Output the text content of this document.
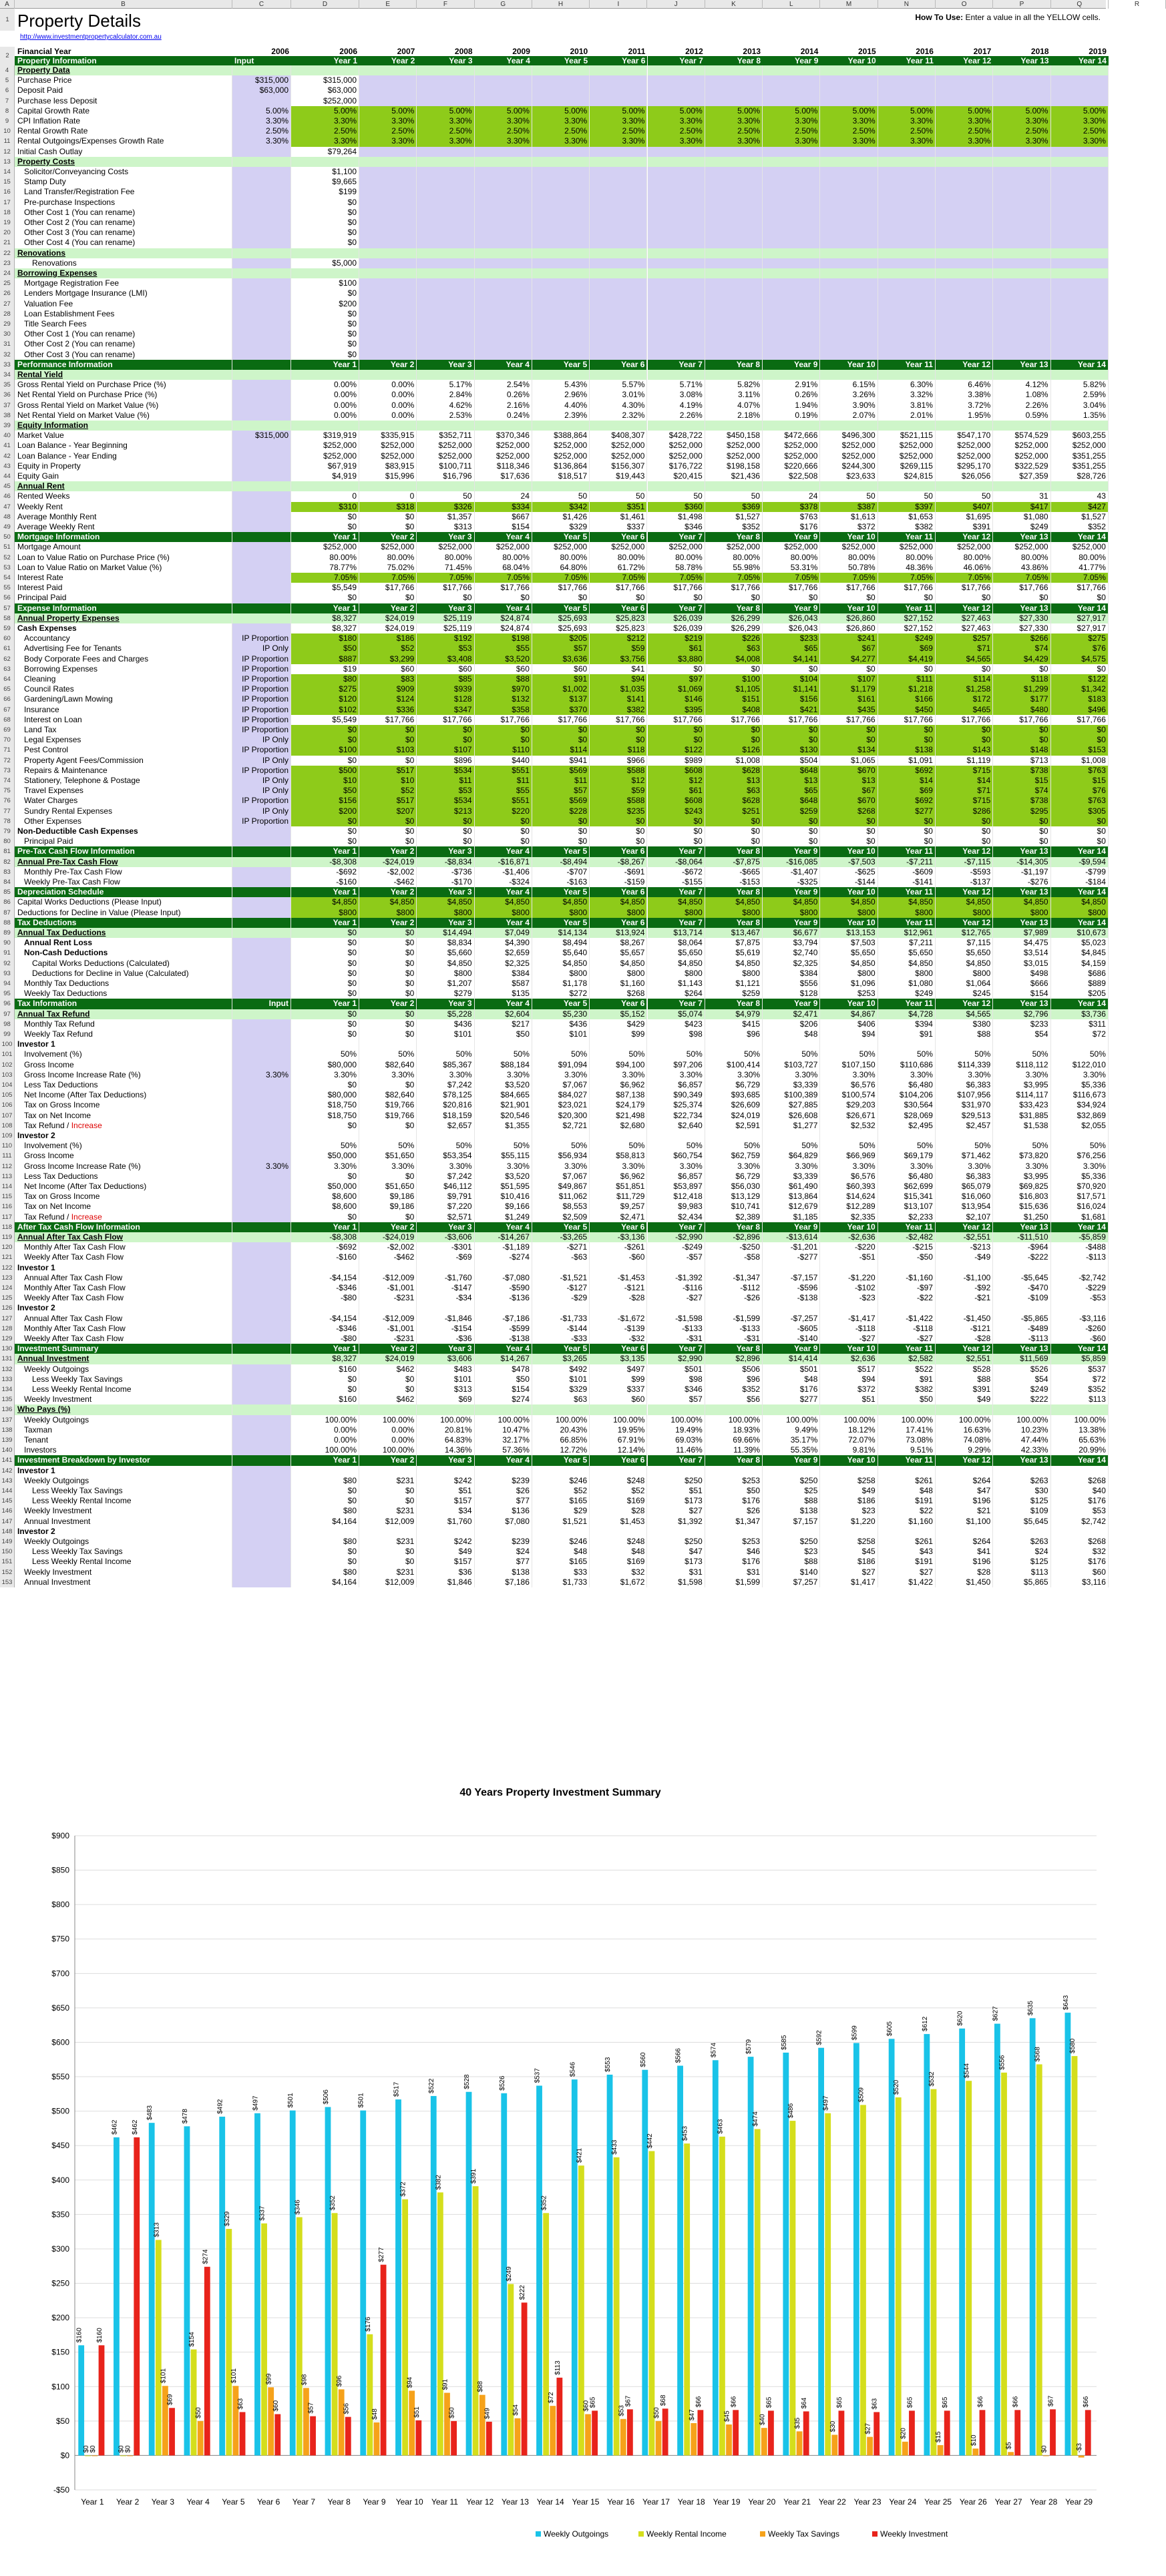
1 Property Details
http://www.investmentpropertycalculator.com.au
How To Use: Enter a value in all the YELLOW cells.
A	B	C	D	E	F	G	H	I	J	K	L	M	N	O	P	Q	R
4	Property Data
5	Purchase Price	$315,000	$315,000
6	Deposit Paid	$63,000	$63,000
7	Purchase less Deposit	$252,000
8	Capital Growth Rate	5.00%	5.00%	5.00%	5.00%	5.00%	5.00%	5.00%	5.00%	5.00%	5.00%	5.00%	5.00%	5.00%	5.00%	5.00%
9	CPI Inflation Rate	3.30%	3.30%	3.30%	3.30%	3.30%	3.30%	3.30%	3.30%	3.30%	3.30%	3.30%	3.30%	3.30%	3.30%	3.30%
10 Rental Growth Rate	2.50%	2.50%	2.50%	2.50%	2.50%	2.50%	2.50%	2.50%	2.50%	2.50%	2.50%	2.50%	2.50%	2.50%	2.50%
11 Rental Outgoings/Expenses Growth Rate	3.30%	3.30%	3.30%	3.30%	3.30%	3.30%	3.30%	3.30%	3.30%	3.30%	3.30%	3.30%	3.30%	3.30%	3.30%
12 Initial Cash Outlay	$79,264
13 Property Costs
14	Solicitor/Conveyancing Costs	$1,100
15	Stamp Duty	$9,665
16	Land Transfer/Registration Fee	$199
17	Pre-purchase Inspections	$0
18	Other Cost 1 (You can rename)	$0
19	Other Cost 2 (You can rename)	$0
20	Other Cost 3 (You can rename)	$0
21	Other Cost 4 (You can rename)	$0
22 Renovations
23	Renovations	$5,000
24 Borrowing Expenses
25	Mortgage Registration Fee	$100
26	Lenders Mortgage Insurance (LMI)	$0
27	Valuation Fee	$200
28	Loan Establishment Fees	$0
29	Title Search Fees	$0
30	Other Cost 1 (You can rename)	$0
31	Other Cost 2 (You can rename)	$0
32	Other Cost 3 (You can rename)	$0
33 Performance Information	Year 1	Year 2	Year 3	Year 4	Year 5	Year 6	Year 7	Year 8	Year 9	Year 10	Year 11	Year 12	Year 13	Year 14
34 Rental Yield
35 Gross Rental Yield on Purchase Price (%)	0.00%	0.00%	5.17%	2.54%	5.43%	5.57%	5.71%	5.82%	2.91%	6.15%	6.30%	6.46%	4.12%	5.82%
36 Net Rental Yield on Purchase Price (%)	0.00%	0.00%	2.84%	0.26%	2.96%	3.01%	3.08%	3.11%	0.26%	3.26%	3.32%	3.38%	1.08%	2.59%
37 Gross Rental Yield on Market Value (%)	0.00%	0.00%	4.62%	2.16%	4.40%	4.30%	4.19%	4.07%	1.94%	3.90%	3.81%	3.72%	2.26%	3.04%
38 Net Rental Yield on Market Value (%)	0.00%	0.00%	2.53%	0.24%	2.39%	2.32%	2.26%	2.18%	0.19%	2.07%	2.01%	1.95%	0.59%	1.35%
39 Equity Information
40 Market Value	$315,000	$319,919	$335,915	$352,711	$370,346	$388,864	$408,307	$428,722	$450,158	$472,666	$496,300	$521,115	$547,170	$574,529	$603,255
41 Loan Balance - Year Beginning	$252,000	$252,000	$252,000	$252,000	$252,000	$252,000	$252,000	$252,000	$252,000	$252,000	$252,000	$252,000	$252,000	$252,000
42 Loan Balance - Year Ending	$252,000	$252,000	$252,000	$252,000	$252,000	$252,000	$252,000	$252,000	$252,000	$252,000	$252,000	$252,000	$252,000	$351,255
43 Equity in Property	$67,919	$83,915	$100,711	$118,346	$136,864	$156,307	$176,722	$198,158	$220,666	$244,300	$269,115	$295,170	$322,529	$351,255
44 Equity Gain	$4,919	$15,996	$16,796	$17,636	$18,517	$19,443	$20,415	$21,436	$22,508	$23,633	$24,815	$26,056	$27,359	$28,726
45 Annual Rent
46 Rented Weeks	0	0	50	24	50	50	50	50	24	50	50	50	31	43
47 Weekly Rent	$310	$318	$326	$334	$342	$351	$360	$369	$378	$387	$397	$407	$417	$427
48 Average Monthly Rent	$0	$0	$1,357	$667	$1,426	$1,461	$1,498	$1,527	$763	$1,613	$1,653	$1,695	$1,080	$1,527
49 Average Weekly Rent	$0	$0	$313	$154	$329	$337	$346	$352	$176	$372	$382	$391	$249	$352
50 Mortgage Information	Year 1	Year 2	Year 3	Year 4	Year 5	Year 6	Year 7	Year 8	Year 9	Year 10	Year 11	Year 12	Year 13	Year 14
51 Mortgage Amount	$252,000	$252,000	$252,000	$252,000	$252,000	$252,000	$252,000	$252,000	$252,000	$252,000	$252,000	$252,000	$252,000	$252,000
52 Loan to Value Ratio on Purchase Price (%)	80.00%	80.00%	80.00%	80.00%	80.00%	80.00%	80.00%	80.00%	80.00%	80.00%	80.00%	80.00%	80.00%	80.00%
53 Loan to Value Ratio on Market Value (%)	78.77%	75.02%	71.45%	68.04%	64.80%	61.72%	58.78%	55.98%	53.31%	50.78%	48.36%	46.06%	43.86%	41.77%
54 Interest Rate	7.05%	7.05%	7.05%	7.05%	7.05%	7.05%	7.05%	7.05%	7.05%	7.05%	7.05%	7.05%	7.05%	7.05%
55 Interest Paid	$5,549	$17,766	$17,766	$17,766	$17,766	$17,766	$17,766	$17,766	$17,766	$17,766	$17,766	$17,766	$17,766	$17,766
56 Principal Paid	$0	$0	$0	$0	$0	$0	$0	$0	$0	$0	$0	$0	$0	$0
57 Expense Information	Year 1	Year 2	Year 3	Year 4	Year 5	Year 6	Year 7	Year 8	Year 9	Year 10	Year 11	Year 12	Year 13	Year 14
58 Annual Property Expenses	$8,327	$24,019	$25,119	$24,874	$25,693	$25,823	$26,039	$26,299	$26,043	$26,860	$27,152	$27,463	$27,330	$27,917
59 Cash Expenses	$8,327	$24,019	$25,119	$24,874	$25,693	$25,823	$26,039	$26,299	$26,043	$26,860	$27,152	$27,463	$27,330	$27,917
60	Accountancy	IP Proportion	$180	$186	$192	$198	$205	$212	$219	$226	$233	$241	$249	$257	$266	$275
61	Advertising Fee for Tenants	IP Only	$50	$52	$53	$55	$57	$59	$61	$63	$65	$67	$69	$71	$74	$76
62	Body Corporate Fees and Charges	IP Proportion	$887	$3,299	$3,408	$3,520	$3,636	$3,756	$3,880	$4,008	$4,141	$4,277	$4,419	$4,565	$4,429	$4,575
63	Borrowing Expenses	IP Proportion	$19	$60	$60	$60	$60	$41	$0	$0	$0	$0	$0	$0	$0	$0
64	Cleaning	IP Proportion	$80	$83	$85	$88	$91	$94	$97	$100	$104	$107	$111	$114	$118	$122
65	Council Rates	IP Proportion	$275	$909	$939	$970	$1,002	$1,035	$1,069	$1,105	$1,141	$1,179	$1,218	$1,258	$1,299	$1,342
66	Gardening/Lawn Mowing	IP Proportion	$120	$124	$128	$132	$137	$141	$146	$151	$156	$161	$166	$172	$177	$183
67	Insurance	IP Proportion	$102	$336	$347	$358	$370	$382	$395	$408	$421	$435	$450	$465	$480	$496
68	Interest on Loan	IP Proportion	$5,549	$17,766	$17,766	$17,766	$17,766	$17,766	$17,766	$17,766	$17,766	$17,766	$17,766	$17,766	$17,766	$17,766
69	Land Tax	IP Proportion	$0	$0	$0	$0	$0	$0	$0	$0	$0	$0	$0	$0	$0	$0
70	Legal Expenses	IP Only	$0	$0	$0	$0	$0	$0	$0	$0	$0	$0	$0	$0	$0	$0
71	Pest Control	IP Proportion	$100	$103	$107	$110	$114	$118	$122	$126	$130	$134	$138	$143	$148	$153
72	Property Agent Fees/Commission	IP Only	$0	$0	$896	$440	$941	$966	$989	$1,008	$504	$1,065	$1,091	$1,119	$713	$1,008
73	Repairs & Maintenance	IP Proportion	$500	$517	$534	$551	$569	$588	$608	$628	$648	$670	$692	$715	$738	$763
74	Stationery, Telephone & Postage	IP Only	$10	$10	$11	$11	$11	$12	$12	$13	$13	$13	$14	$14	$15	$15
75	Travel Expenses	IP Only	$50	$52	$53	$55	$57	$59	$61	$63	$65	$67	$69	$71	$74	$76
76	Water Charges	IP Proportion	$156	$517	$534	$551	$569	$588	$608	$628	$648	$670	$692	$715	$738	$763
77	Sundry Rental Expenses	IP Only	$200	$207	$213	$220	$228	$235	$243	$251	$259	$268	$277	$286	$295	$305
78	Other Expenses	IP Proportion	$0	$0	$0	$0	$0	$0	$0	$0	$0	$0	$0	$0	$0	$0
79 Non-Deductible Cash Expenses	$0	$0	$0	$0	$0	$0	$0	$0	$0	$0	$0	$0	$0	$0
80	Principal Paid	$0	$0	$0	$0	$0	$0	$0	$0	$0	$0	$0	$0	$0	$0
81 Pre-Tax Cash Flow Information	Year 1	Year 2	Year 3	Year 4	Year 5	Year 6	Year 7	Year 8	Year 9	Year 10	Year 11	Year 12	Year 13	Year 14
82 Annual Pre-Tax Cash Flow	-$8,308	-$24,019	-$8,834	-$16,871	-$8,494	-$8,267	-$8,064	-$7,875	-$16,085	-$7,503	-$7,211	-$7,115	-$14,305	-$9,594
83	Monthly Pre-Tax Cash Flow	-$692	-$2,002	-$736	-$1,406	-$707	-$691	-$672	-$665	-$1,407	-$625	-$609	-$593	-$1,197	-$799
84	Weekly Pre-Tax Cash Flow	-$160	-$462	-$170	-$324	-$163	-$159	-$155	-$153	-$325	-$144	-$141	-$137	-$276	-$184
85 Depreciation Schedule	Year 1	Year 2	Year 3	Year 4	Year 5	Year 6	Year 7	Year 8	Year 9	Year 10	Year 11	Year 12	Year 13	Year 14
86 Capital Works Deductions (Please Input)	$4,850	$4,850	$4,850	$4,850	$4,850	$4,850	$4,850	$4,850	$4,850	$4,850	$4,850	$4,850	$4,850	$4,850
87 Deductions for Decline in Value (Please Input)	$800	$800	$800	$800	$800	$800	$800	$800	$800	$800	$800	$800	$800	$800
88 Tax Deductions	Year 1	Year 2	Year 3	Year 4	Year 5	Year 6	Year 7	Year 8	Year 9	Year 10	Year 11	Year 12	Year 13	Year 14
89 Annual Tax Deductions	$0	$0	$14,494	$7,049	$14,134	$13,924	$13,714	$13,467	$6,677	$13,153	$12,961	$12,765	$7,989	$10,673
90	Annual Rent Loss	$0	$0	$8,834	$4,390	$8,494	$8,267	$8,064	$7,875	$3,794	$7,503	$7,211	$7,115	$4,475	$5,023
91	Non-Cash Deductions	$0	$0	$5,660	$2,659	$5,640	$5,657	$5,650	$5,619	$2,740	$5,650	$5,650	$5,650	$3,514	$4,845
92	Capital Works Deductions (Calculated)	$0	$0	$4,850	$2,325	$4,850	$4,850	$4,850	$4,850	$2,325	$4,850	$4,850	$4,850	$3,015	$4,159
93	Deductions for Decline in Value (Calculated)	$0	$0	$800	$384	$800	$800	$800	$800	$384	$800	$800	$800	$498	$686
94	Monthly Tax Deductions	$0	$0	$1,207	$587	$1,178	$1,160	$1,143	$1,121	$556	$1,096	$1,080	$1,064	$666	$889
95	Weekly Tax Deductions	$0	$0	$279	$135	$272	$268	$264	$259	$128	$253	$249	$245	$154	$205
96 Tax Information	Input	Year 1	Year 2	Year 3	Year 4	Year 5	Year 6	Year 7	Year 8	Year 9	Year 10	Year 11	Year 12	Year 13	Year 14
97 Annual Tax Refund	$0	$0	$5,228	$2,604	$5,230	$5,152	$5,074	$4,979	$2,471	$4,867	$4,728	$4,565	$2,796	$3,736
98	Monthly Tax Refund	$0	$0	$436	$217	$436	$429	$423	$415	$206	$406	$394	$380	$233	$311
99	Weekly Tax Refund	$0	$0	$101	$50	$101	$99	$98	$96	$48	$94	$91	$88	$54	$72
100 Investor 1
101	Involvement (%)	50%	50%	50%	50%	50%	50%	50%	50%	50%	50%	50%	50%	50%	50%
102	Gross Income	$80,000	$82,640	$85,367	$88,184	$91,094	$94,100	$97,206	$100,414	$103,727	$107,150	$110,686	$114,339	$118,112	$122,010
103	Gross Income Increase Rate (%)	3.30%	3.30%	3.30%	3.30%	3.30%	3.30%	3.30%	3.30%	3.30%	3.30%	3.30%	3.30%	3.30%	3.30%	3.30%
104	Less Tax Deductions	$0	$0	$7,242	$3,520	$7,067	$6,962	$6,857	$6,729	$3,339	$6,576	$6,480	$6,383	$3,995	$5,336
105	Net Income (After Tax Deductions)	$80,000	$82,640	$78,125	$84,665	$84,027	$87,138	$90,349	$93,685	$100,389	$100,574	$104,206	$107,956	$114,117	$116,673
106	Tax on Gross Income	$18,750	$19,766	$20,816	$21,901	$23,021	$24,179	$25,374	$26,609	$27,885	$29,203	$30,564	$31,970	$33,423	$34,924
107	Tax on Net Income	$18,750	$19,766	$18,159	$20,546	$20,300	$21,498	$22,734	$24,019	$26,608	$26,671	$28,069	$29,513	$31,885	$32,869
108	Tax Refund / Increase	$0	$0	$2,657	$1,355	$2,721	$2,680	$2,640	$2,591	$1,277	$2,532	$2,495	$2,457	$1,538	$2,055
109 Investor 2
110	Involvement (%)	50%	50%	50%	50%	50%	50%	50%	50%	50%	50%	50%	50%	50%	50%
111	Gross Income	$50,000	$51,650	$53,354	$55,115	$56,934	$58,813	$60,754	$62,759	$64,829	$66,969	$69,179	$71,462	$73,820	$76,256
112	Gross Income Increase Rate (%)	3.30%	3.30%	3.30%	3.30%	3.30%	3.30%	3.30%	3.30%	3.30%	3.30%	3.30%	3.30%	3.30%	3.30%	3.30%
113	Less Tax Deductions	$0	$0	$7,242	$3,520	$7,067	$6,962	$6,857	$6,729	$3,339	$6,576	$6,480	$6,383	$3,995	$5,336
114	Net Income (After Tax Deductions)	$50,000	$51,650	$46,112	$51,595	$49,867	$51,851	$53,897	$56,030	$61,490	$60,393	$62,699	$65,079	$69,825	$70,920
115	Tax on Gross Income	$8,600	$9,186	$9,791	$10,416	$11,062	$11,729	$12,418	$13,129	$13,864	$14,624	$15,341	$16,060	$16,803	$17,571
116	Tax on Net Income	$8,600	$9,186	$7,220	$9,166	$8,553	$9,257	$9,983	$10,741	$12,679	$12,289	$13,107	$13,954	$15,636	$16,024
117	Tax Refund / Increase	$0	$0	$2,571	$1,249	$2,509	$2,471	$2,434	$2,389	$1,185	$2,335	$2,233	$2,107	$1,250	$1,681
118 After Tax Cash Flow Information	Year 1	Year 2	Year 3	Year 4	Year 5	Year 6	Year 7	Year 8	Year 9	Year 10	Year 11	Year 12	Year 13	Year 14
119 Annual After Tax Cash Flow	-$8,308	-$24,019	-$3,606	-$14,267	-$3,265	-$3,136	-$2,990	-$2,896	-$13,614	-$2,636	-$2,482	-$2,551	-$11,510	-$5,859
120	Monthly After Tax Cash Flow	-$692	-$2,002	-$301	-$1,189	-$271	-$261	-$249	-$250	-$1,201	-$220	-$215	-$213	-$964	-$488
121	Weekly After Tax Cash Flow	-$160	-$462	-$69	-$274	-$63	-$60	-$57	-$58	-$277	-$51	-$50	-$49	-$222	-$113
122 Investor 1
123	Annual After Tax Cash Flow	-$4,154	-$12,009	-$1,760	-$7,080	-$1,521	-$1,453	-$1,392	-$1,347	-$7,157	-$1,220	-$1,160	-$1,100	-$5,645	-$2,742
124	Monthly After Tax Cash Flow	-$346	-$1,001	-$147	-$590	-$127	-$121	-$116	-$112	-$596	-$102	-$97	-$92	-$470	-$229
125	Weekly After Tax Cash Flow	-$80	-$231	-$34	-$136	-$29	-$28	-$27	-$26	-$138	-$23	-$22	-$21	-$109	-$53
126 Investor 2
127	Annual After Tax Cash Flow	-$4,154	-$12,009	-$1,846	-$7,186	-$1,733	-$1,672	-$1,598	-$1,599	-$7,257	-$1,417	-$1,422	-$1,450	-$5,865	-$3,116
128	Monthly After Tax Cash Flow	-$346	-$1,001	-$154	-$599	-$144	-$139	-$133	-$133	-$605	-$118	-$118	-$121	-$489	-$260
129	Weekly After Tax Cash Flow	-$80	-$231	-$36	-$138	-$33	-$32	-$31	-$31	-$140	-$27	-$27	-$28	-$113	-$60
130 Investment Summary	Year 1	Year 2	Year 3	Year 4	Year 5	Year 6	Year 7	Year 8	Year 9	Year 10	Year 11	Year 12	Year 13	Year 14
131 Annual Investment	$8,327	$24,019	$3,606	$14,267	$3,265	$3,135	$2,990	$2,896	$14,414	$2,636	$2,582	$2,551	$11,569	$5,859
132	Weekly Outgoings	$160	$462	$483	$478	$492	$497	$501	$506	$501	$517	$522	$528	$526	$537
133	Less Weekly Tax Savings	$0	$0	$101	$50	$101	$99	$98	$96	$48	$94	$91	$88	$54	$72
134	Less Weekly Rental Income	$0	$0	$313	$154	$329	$337	$346	$352	$176	$372	$382	$391	$249	$352
135	Weekly Investment	$160	$462	$69	$274	$63	$60	$57	$56	$277	$51	$50	$49	$222	$113
136 Who Pays (%)
137	Weekly Outgoings	100.00%	100.00%	100.00%	100.00%	100.00%	100.00%	100.00%	100.00%	100.00%	100.00%	100.00%	100.00%	100.00%	100.00%
138	Taxman	0.00%	0.00%	20.81%	10.47%	20.43%	19.95%	19.49%	18.93%	9.49%	18.12%	17.41%	16.63%	10.23%	13.38%
139	Tenant	0.00%	0.00%	64.83%	32.17%	66.85%	67.91%	69.03%	69.66%	35.17%	72.07%	73.08%	74.08%	47.44%	65.63%
140	Investors	100.00%	100.00%	14.36%	57.36%	12.72%	12.14%	11.46%	11.39%	55.35%	9.81%	9.51%	9.29%	42.33%	20.99%
141 Investment Breakdown by Investor	Year 1	Year 2	Year 3	Year 4	Year 5	Year 6	Year 7	Year 8	Year 9	Year 10	Year 11	Year 12	Year 13	Year 14
142 Investor 1
143	Weekly Outgoings	$80	$231	$242	$239	$246	$248	$250	$253	$250	$258	$261	$264	$263	$268
144	Less Weekly Tax Savings	$0	$0	$51	$26	$52	$52	$51	$50	$25	$49	$48	$47	$30	$40
145	Less Weekly Rental Income	$0	$0	$157	$77	$165	$169	$173	$176	$88	$186	$191	$196	$125	$176
146	Weekly Investment	$80	$231	$34	$136	$29	$28	$27	$26	$138	$23	$22	$21	$109	$53
147	Annual Investment	$4,164	$12,009	$1,760	$7,080	$1,521	$1,453	$1,392	$1,347	$7,157	$1,220	$1,160	$1,100	$5,645	$2,742
148 Investor 2
149	Weekly Outgoings	$80	$231	$242	$239	$246	$248	$250	$253	$250	$258	$261	$264	$263	$268
150	Less Weekly Tax Savings	$0	$0	$49	$24	$48	$48	$47	$46	$23	$45	$43	$41	$24	$32
151	Less Weekly Rental Income	$0	$0	$157	$77	$165	$169	$173	$176	$88	$186	$191	$196	$125	$176
152	Weekly Investment	$80	$231	$36	$138	$33	$32	$31	$31	$140	$27	$27	$28	$113	$60
153	Annual Investment	$4,164	$12,009	$1,846	$7,186	$1,733	$1,672	$1,598	$1,599	$7,257	$1,417	$1,422	$1,450	$5,865	$3,116
2	Financial Year	2006	2006	2007	2008	2009	2010	2011	2012	2013	2014	2015	2016	2017	2018	2019
Input	Year 1	Year 2	Year 3	Year 4	Year 5	Year 6	Year 7	Year 8	Year 9	Year 10	Year 11	Year 12	Year 13	Year 14
40 Years Property Investment Summary
-$50
$0
$50
$100
$150
$200
$250
$300
$350
$400
$450
$500
$550
$600
$650
$700
$750
$800
$850
$900
$160
$0 $0
$160
Year 1
$462
$0 $0
$462
Year 2
$483
$313
$101
$69
Year 3
$478
$154
$50
$274
Year 4
$492
$329
$101
$63
Year 5
$497
$337
$99
$60
Year 6
$501
$346
$98
$57
Year 7
$506
$352
$96
$56
Year 8
$501
$176
$48
$277
Year 9
$517
$372
$94
$51
Year 10
$522
$382
$91
$50
Year 11
$528
$391
$88
$49
Year 12
$526
$249
$54
$222
Year 13
$537
$352
$72
$113
Year 14
$546
$421
$60 $65
Year 15
$553
$433
$53
$67
Year 16
$560
$442
$50
$68
Year 17
$566
$453
$47
$66
Year 18
$574
$463
$45
$66
Year 19
$579
$474
$40
$65
Year 20
$585
$486
$35
$64
Year 21
$592
$497
$30
$65
Year 22
$599
$509
$27
$63
Year 23
$605
$520
$20
$65
Year 24
$612
$532
$15
$65
Year 25
$620
$544
$10
$66
Year 26
$627
$556
$5
$66
Year 27
$635
$568
$0
$67
Year 28
$643
$580
-$3
$66
Year 29
Weekly Outgoings	Weekly Rental Income	Weekly Tax Savings	Weekly Investment
Property Information
